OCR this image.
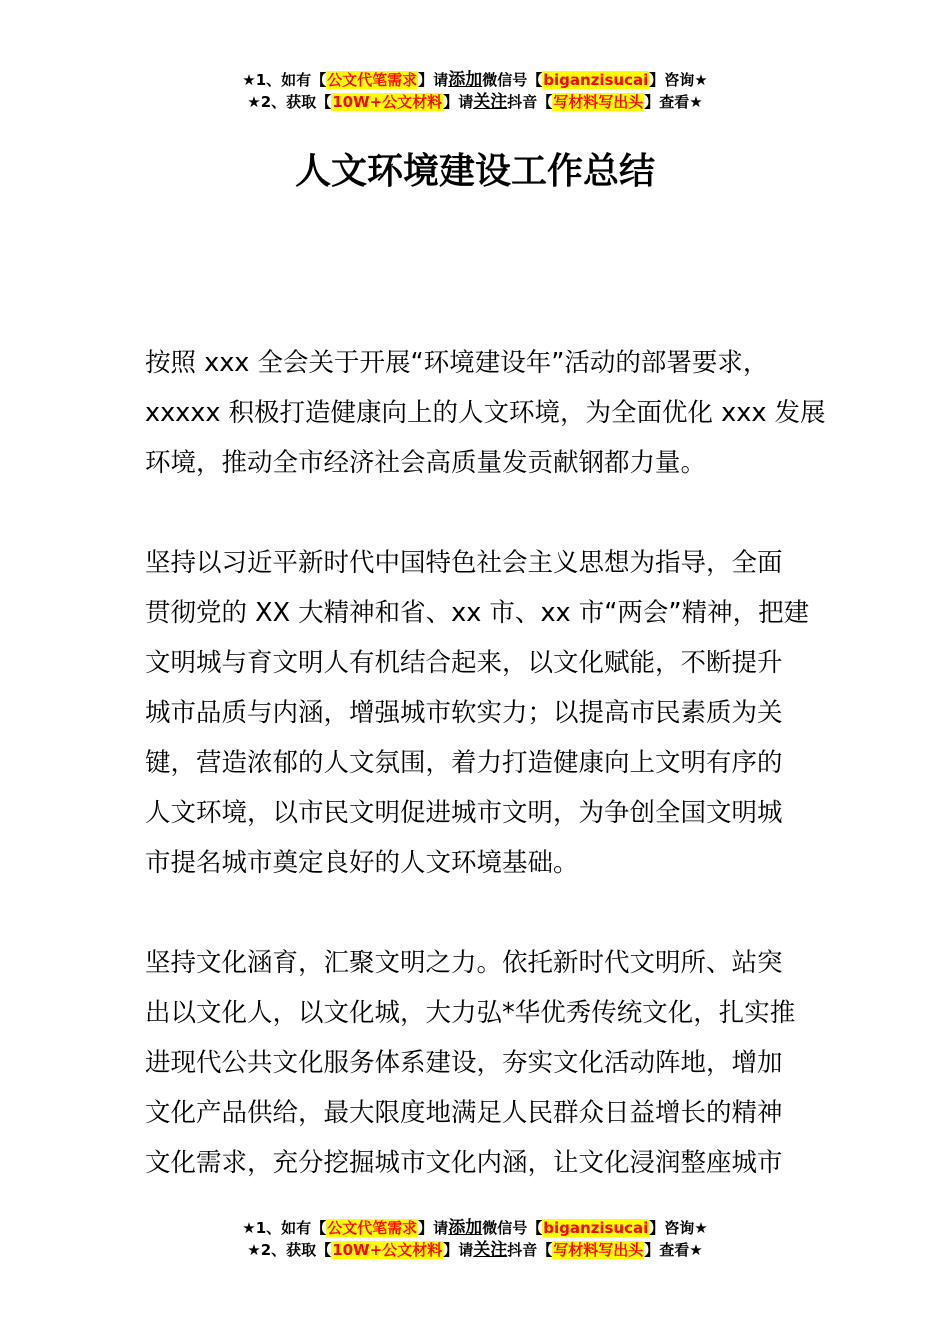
★1、如有【公文代笔需求】请添加微信号【biganzisucai】咨询★
★2、获取【10W+公文材料】请关注抖音【写材料写出头】查看★
人文环境建设工作总结

按照 xxx 全会关于开展“环境建设年”活动的部署要求，
xxxxx 积极打造健康向上的人文环境，为全面优化 xxx 发展
环境，推动全市经济社会高质量发贡献钢都力量。

坚持以习近平新时代中国特色社会主义思想为指导，全面
贯彻党的 XX 大精神和省、xx 市、xx 市“两会”精神，把建
文明城与育文明人有机结合起来，以文化赋能，不断提升
城市品质与内涵，增强城市软实力；以提高市民素质为关
键，营造浓郁的人文氛围，着力打造健康向上文明有序的
人文环境，以市民文明促进城市文明，为争创全国文明城
市提名城市奠定良好的人文环境基础。

坚持文化涵育，汇聚文明之力。依托新时代文明所、站突
出以文化人，以文化城，大力弘*华优秀传统文化，扎实推
进现代公共文化服务体系建设，夯实文化活动阵地，增加
文化产品供给，最大限度地满足人民群众日益增长的精神
文化需求，充分挖掘城市文化内涵，让文化浸润整座城市

★1、如有【公文代笔需求】请添加微信号【biganzisucai】咨询★
★2、获取【10W+公文材料】请关注抖音【写材料写出头】查看★
